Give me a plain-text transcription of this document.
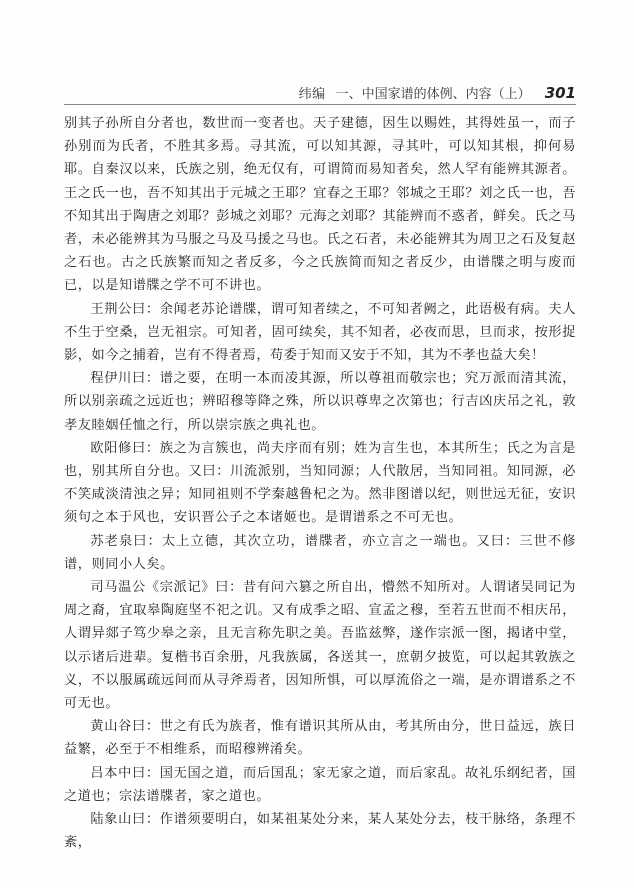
纬编 一、中国家谱的体例、内容（上） 301

别其子孙所自分者也，数世而一变者也。天子建德，因生以赐姓，其得姓虽一，而子孙别而为氏者，不胜其多焉。寻其流，可以知其源，寻其叶，可以知其根，抑何易耶。自秦汉以来，氏族之别，绝无仅有，可谓简而易知者矣，然人罕有能辨其源者。王之氏一也，吾不知其出于元城之王耶？宜春之王耶？邻城之王耶？刘之氏一也，吾不知其出于陶唐之刘耶？彭城之刘耶？元海之刘耶？其能辨而不惑者，鲜矣。氏之马者，未必能辨其为马服之马及马援之马也。氏之石者，未必能辨其为周卫之石及复赵之石也。古之氏族繁而知之者反多，今之氏族简而知之者反少，由谱牒之明与废而已，以是知谱牒之学不可不讲也。

王荆公曰：余闻老苏论谱牒，谓可知者续之，不可知者阙之，此语极有病。夫人不生于空桑，岂无祖宗。可知者，固可续矣，其不知者，必夜而思，旦而求，按形捉影，如今之捕着，岂有不得者焉，苟委于知而又安于不知，其为不孝也益大矣！

程伊川曰：谱之要，在明一本而凌其源，所以尊祖而敬宗也；究万派而清其流，所以别亲疏之远近也；辨昭穆等降之殊，所以识尊卑之次第也；行吉凶庆吊之礼，敦孝友睦姻任恤之行，所以崇宗族之典礼也。

欧阳修曰：族之为言簇也，尚夫序而有别；姓为言生也，本其所生；氏之为言是也，别其所自分也。又曰：川流派别，当知同源；人代散居，当知同祖。知同源，必不笑咸淡清浊之异；知同祖则不学秦越鲁杞之为。然非图谱以纪，则世远无征，安识须句之本于风也，安识晋公子之本诸姬也。是谓谱系之不可无也。

苏老泉曰：太上立德，其次立功，谱牒者，亦立言之一端也。又曰：三世不修谱，则同小人矣。

司马温公《宗派记》曰：昔有问六篡之所自出，懵然不知所对。人谓诸吴同记为周之裔，宜取皋陶庭坚不祀之讥。又有成季之昭、宣孟之穆，至若五世而不相庆吊，人谓异郯子笃少皋之亲，且无言称先职之美。吾监兹弊，遂作宗派一图，揭诸中堂，以示诸后进辈。复楷书百余册，凡我族属，各送其一，庶朝夕披览，可以起其敦族之义，不以服属疏远间而从寻斧焉者，因知所惧，可以厚流俗之一端，是亦谓谱系之不可无也。

黄山谷曰：世之有氏为族者，惟有谱识其所从由，考其所由分，世日益远，族日益繁，必至于不相维系，而昭穆辨淆矣。

吕本中曰：国无国之道，而后国乱；家无家之道，而后家乱。故礼乐纲纪者，国之道也；宗法谱牒者，家之道也。

陆象山曰：作谱须要明白，如某祖某处分来，某人某处分去，枝干脉络，条理不紊，
